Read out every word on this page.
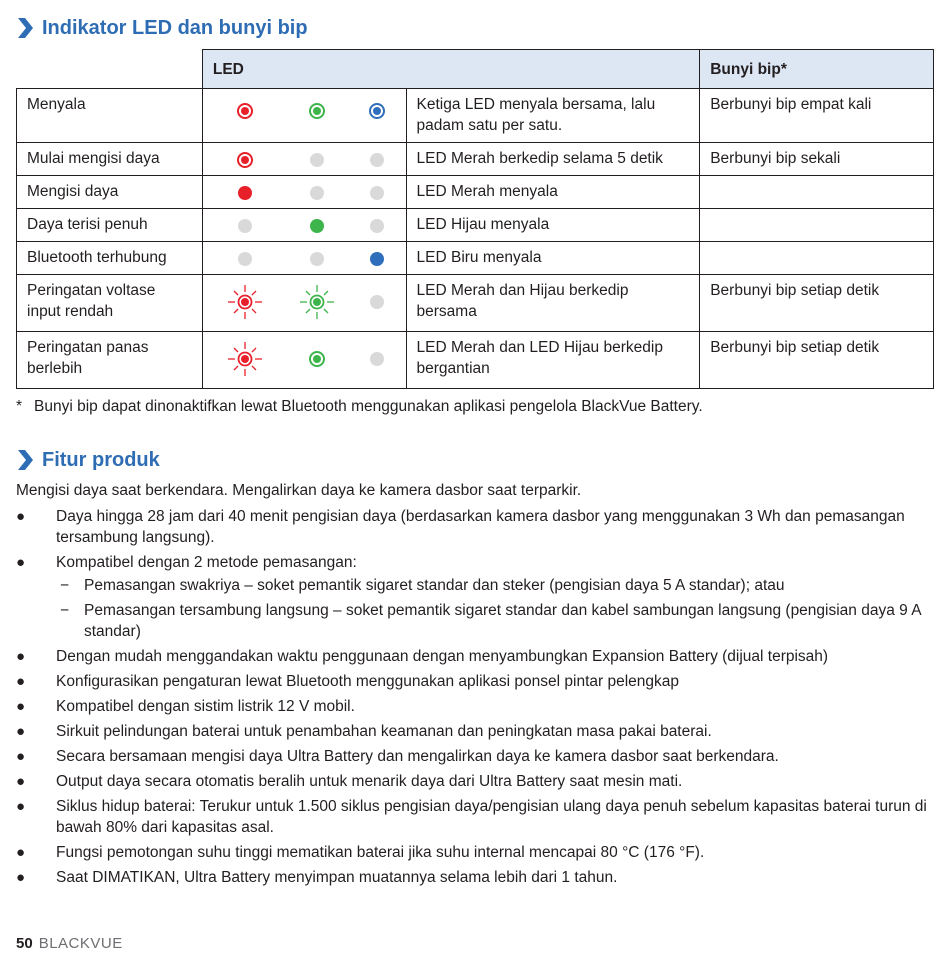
Indikator LED dan bunyi bip
	LED		Bunyi bip*
Menyala		Ketiga LED menyala bersama, lalu padam satu per satu.	Berbunyi bip empat kali
Mulai mengisi daya		LED Merah berkedip selama 5 detik	Berbunyi bip sekali
Mengisi daya		LED Merah menyala	
Daya terisi penuh		LED Hijau menyala	
Bluetooth terhubung		LED Biru menyala	
Peringatan voltase input rendah		LED Merah dan Hijau berkedip bersama	Berbunyi bip setiap detik
Peringatan panas berlebih		LED Merah dan LED Hijau berkedip bergantian	Berbunyi bip setiap detik
* Bunyi bip dapat dinonaktifkan lewat Bluetooth menggunakan aplikasi pengelola BlackVue Battery.
Fitur produk
Mengisi daya saat berkendara. Mengalirkan daya ke kamera dasbor saat terparkir.
● Daya hingga 28 jam dari 40 menit pengisian daya (berdasarkan kamera dasbor yang menggunakan 3 Wh dan pemasangan tersambung langsung).
● Kompatibel dengan 2 metode pemasangan:
− Pemasangan swakriya – soket pemantik sigaret standar dan steker (pengisian daya 5 A standar); atau
− Pemasangan tersambung langsung – soket pemantik sigaret standar dan kabel sambungan langsung (pengisian daya 9 A standar)
● Dengan mudah menggandakan waktu penggunaan dengan menyambungkan Expansion Battery (dijual terpisah)
● Konfigurasikan pengaturan lewat Bluetooth menggunakan aplikasi ponsel pintar pelengkap
● Kompatibel dengan sistim listrik 12 V mobil.
● Sirkuit pelindungan baterai untuk penambahan keamanan dan peningkatan masa pakai baterai.
● Secara bersamaan mengisi daya Ultra Battery dan mengalirkan daya ke kamera dasbor saat berkendara.
● Output daya secara otomatis beralih untuk menarik daya dari Ultra Battery saat mesin mati.
● Siklus hidup baterai: Terukur untuk 1.500 siklus pengisian daya/pengisian ulang daya penuh sebelum kapasitas baterai turun di bawah 80% dari kapasitas asal.
● Fungsi pemotongan suhu tinggi mematikan baterai jika suhu internal mencapai 80 °C (176 °F).
● Saat DIMATIKAN, Ultra Battery menyimpan muatannya selama lebih dari 1 tahun.
50 BLACKVUE
